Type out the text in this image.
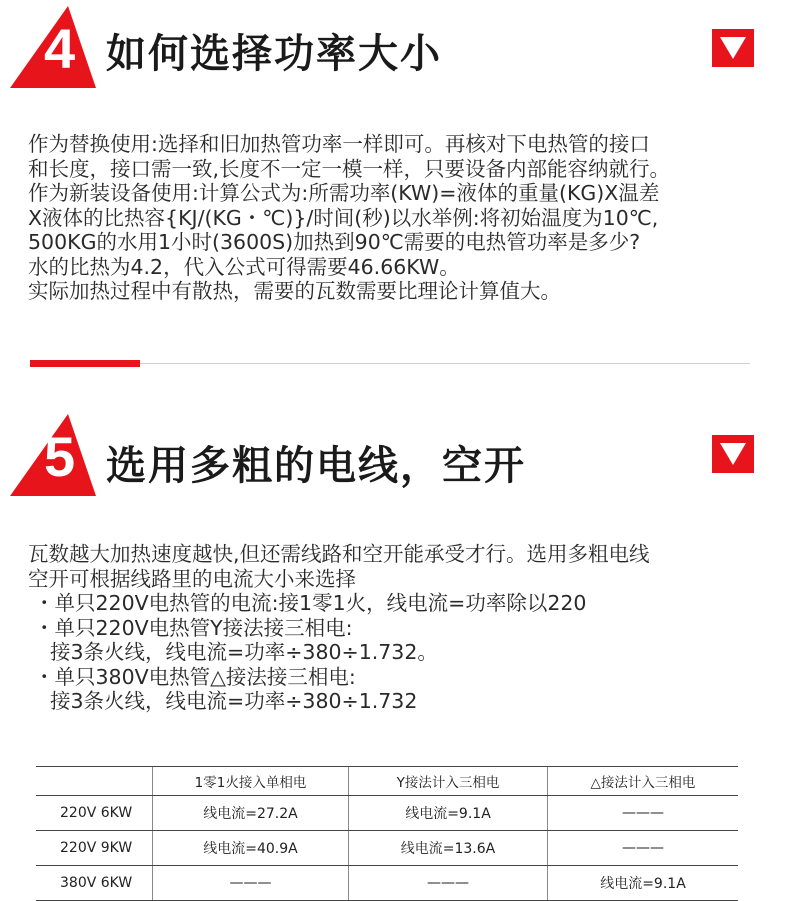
4 如何选择功率大小
作为替换使用:选择和旧加热管功率一样即可。再核对下电热管的接口
和长度，接口需一致,长度不一定一模一样，只要设备内部能容纳就行。
作为新装设备使用:计算公式为:所需功率(KW)=液体的重量(KG)X温差
X液体的比热容{KJ/(KG・℃)}/时间(秒)以水举例:将初始温度为10℃,
500KG的水用1小时(3600S)加热到90℃需要的电热管功率是多少?
水的比热为4.2，代入公式可得需要46.66KW。
实际加热过程中有散热，需要的瓦数需要比理论计算值大。
5 选用多粗的电线，空开
瓦数越大加热速度越快,但还需线路和空开能承受才行。选用多粗电线
空开可根据线路里的电流大小来选择
・单只220V电热管的电流:接1零1火，线电流=功率除以220
・单只220V电热管Y接法接三相电:
接3条火线，线电流=功率÷380÷1.732。
・单只380V电热管△接法接三相电:
接3条火线，线电流=功率÷380÷1.732
	1零1火接入单相电	Y接法计入三相电	△接法计入三相电
220V 6KW	线电流=27.2A	线电流=9.1A	———
220V 9KW	线电流=40.9A	线电流=13.6A	———
380V 6KW	———	———	线电流=9.1A
